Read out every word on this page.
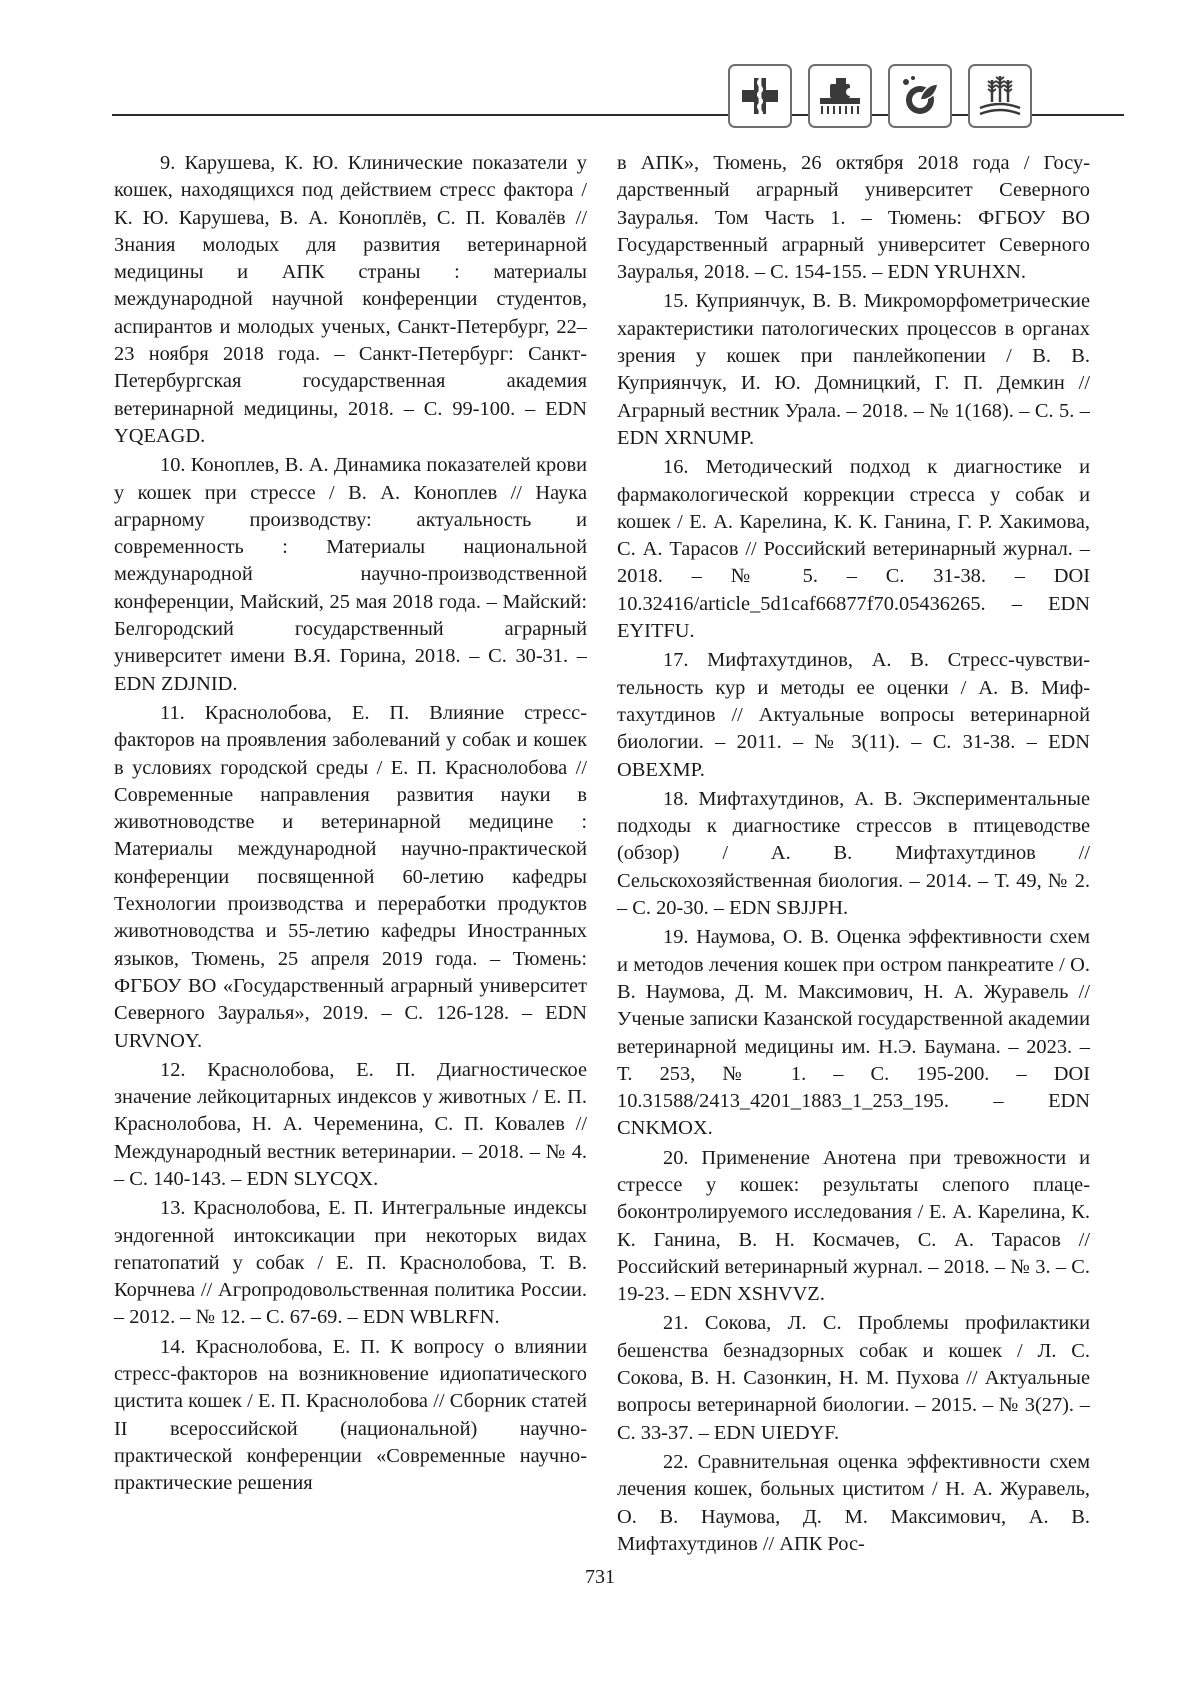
9. Карушева, К. Ю. Клинические показатели у кошек, находящихся под действием стресс фактора / К. Ю. Карушева, В. А. Коноплёв, С. П. Ковалёв // Знания молодых для развития ветеринарной медицины и АПК страны : материалы международной научной конференции студентов, аспирантов и молодых ученых, Санкт-Петербург, 22–23 ноября 2018 года. – Санкт-Петербург: Санкт-Петербургская государственная академия ветеринарной медицины, 2018. – С. 99-100. – EDN YQEAGD.

10. Коноплев, В. А. Динамика показателей крови у кошек при стрессе / В. А. Коноплев // Наука аграрному производству: актуальность и современность : Материалы национальной международной научно-производственной конференции, Майский, 25 мая 2018 года. – Майский: Белгородский государственный аграрный университет имени В.Я. Горина, 2018. – С. 30-31. – EDN ZDJNID.

11. Краснолобова, Е. П. Влияние стресс-факторов на проявления заболеваний у собак и кошек в условиях городской среды / Е. П. Краснолобова // Современные направления развития науки в животноводстве и ветеринарной медицине : Материалы международной научно-практической конференции посвященной 60-летию кафедры Технологии производства и переработки продуктов животноводства и 55-летию кафедры Иностранных языков, Тюмень, 25 апреля 2019 года. – Тюмень: ФГБОУ ВО «Государственный аграрный университет Северного Зауралья», 2019. – С. 126-128. – EDN URVNOY.

12. Краснолобова, Е. П. Диагностическое значение лейкоцитарных индексов у животных / Е. П. Краснолобова, Н. А. Череменина, С. П. Ковалев // Международный вестник ветеринарии. – 2018. – № 4. – С. 140-143. – EDN SLYCQX.

13. Краснолобова, Е. П. Интегральные индексы эндогенной интоксикации при некоторых видах гепатопатий у собак / Е. П. Краснолобова, Т. В. Корчнева // Агропродовольственная политика России. – 2012. – № 12. – С. 67-69. – EDN WBLRFN.

14. Краснолобова, Е. П. К вопросу о влиянии стресс-факторов на возникновение идиопатического цистита кошек / Е. П. Краснолобова // Сборник статей II всероссийской (национальной) научно-практической конференции «Современные научно-практические решения

в АПК», Тюмень, 26 октября 2018 года / Государственный аграрный университет Северного Зауралья. Том Часть 1. – Тюмень: ФГБОУ ВО Государственный аграрный университет Северного Зауралья, 2018. – С. 154-155. – EDN YRUHXN.

15. Куприянчук, В. В. Микроморфометрические характеристики патологических процессов в органах зрения у кошек при панлейкопении / В. В. Куприянчук, И. Ю. Домницкий, Г. П. Демкин // Аграрный вестник Урала. – 2018. – № 1(168). – С. 5. – EDN XRNUMP.

16. Методический подход к диагностике и фармакологической коррекции стресса у собак и кошек / Е. А. Карелина, К. К. Ганина, Г. Р. Хакимова, С. А. Тарасов // Российский ветеринарный журнал. – 2018. – № 5. – С. 31-38. – DOI 10.32416/article_5d1caf66877f70.05436265. – EDN EYITFU.

17. Мифтахутдинов, А. В. Стресс-чувствительность кур и методы ее оценки / А. В. Мифтахутдинов // Актуальные вопросы ветеринарной биологии. – 2011. – № 3(11). – С. 31-38. – EDN OBEXMP.

18. Мифтахутдинов, А. В. Экспериментальные подходы к диагностике стрессов в птицеводстве (обзор) / А. В. Мифтахутдинов // Сельскохозяйственная биология. – 2014. – Т. 49, № 2. – С. 20-30. – EDN SBJJPH.

19. Наумова, О. В. Оценка эффективности схем и методов лечения кошек при остром панкреатите / О. В. Наумова, Д. М. Максимович, Н. А. Журавель // Ученые записки Казанской государственной академии ветеринарной медицины им. Н.Э. Баумана. – 2023. – Т. 253, № 1. – С. 195-200. – DOI 10.31588/2413_4201_1883_1_253_195. – EDN CNKMOX.

20. Применение Анотена при тревожности и стрессе у кошек: результаты слепого плацебоконтролируемого исследования / Е. А. Карелина, К. К. Ганина, В. Н. Космачев, С. А. Тарасов // Российский ветеринарный журнал. – 2018. – № 3. – С. 19-23. – EDN XSHVVZ.

21. Сокова, Л. С. Проблемы профилактики бешенства безнадзорных собак и кошек / Л. С. Сокова, В. Н. Сазонкин, Н. М. Пухова // Актуальные вопросы ветеринарной биологии. – 2015. – № 3(27). – С. 33-37. – EDN UIEDYF.

22. Сравнительная оценка эффективности схем лечения кошек, больных циститом / Н. А. Журавель, О. В. Наумова, Д. М. Максимович, А. В. Мифтахутдинов // АПК Рос-

731
